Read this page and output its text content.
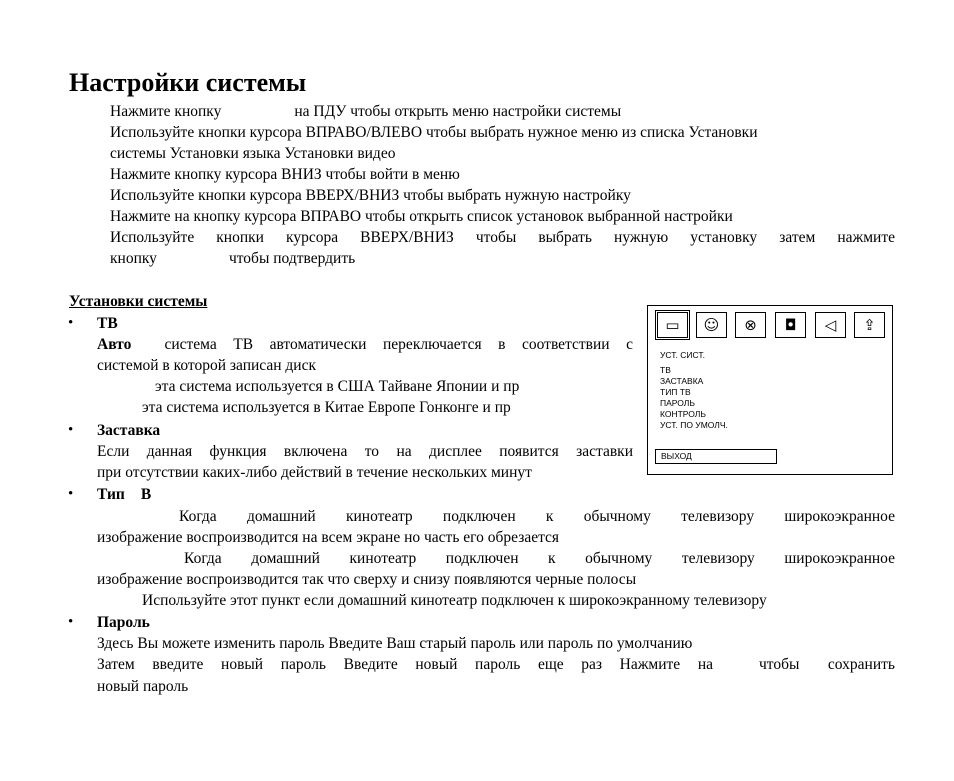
Настройки системы
Нажмите кнопку	на ПДУ чтобы открыть меню настройки системы
Используйте кнопки курсора ВПРАВО/ВЛЕВО чтобы выбрать нужное меню из списка Установки
системы Установки языка Установки видео
Нажмите кнопку курсора ВНИЗ чтобы войти в меню
Используйте кнопки курсора ВВЕРХ/ВНИЗ чтобы выбрать нужную настройку
Нажмите на кнопку курсора ВПРАВО чтобы открыть список установок выбранной настройки
Используйте кнопки курсора ВВЕРХ/ВНИЗ чтобы выбрать нужную установку затем нажмите
кнопку	чтобы подтвердить
Установки системы
• ТВ
Авто система ТВ автоматически переключается в соответствии с
системой в которой записан диск
эта система используется в США Тайване Японии и пр
эта система используется в Китае Европе Гонконге и пр
• Заставка
Если данная функция включена то на дисплее появится заставки
при отсутствии каких-либо действий в течение нескольких минут
• Тип В
Когда домашний кинотеатр подключен к обычному телевизору широкоэкранное
изображение воспроизводится на всем экране но часть его обрезается
Когда домашний кинотеатр подключен к обычному телевизору широкоэкранное
изображение воспроизводится так что сверху и снизу появляются черные полосы
Используйте этот пункт если домашний кинотеатр подключен к широкоэкранному телевизору
• Пароль
Здесь Вы можете изменить пароль Введите Ваш старый пароль или пароль по умолчанию
Затем введите новый пароль Введите новый пароль еще раз Нажмите на	чтобы сохранить
новый пароль
▭	☺	⊗	◘	◁	⇪
УСТ. СИСТ.
ТВ
ЗАСТАВКА
ТИП ТВ
ПАРОЛЬ
КОНТРОЛЬ
УСТ. ПО УМОЛЧ.
ВЫХОД
